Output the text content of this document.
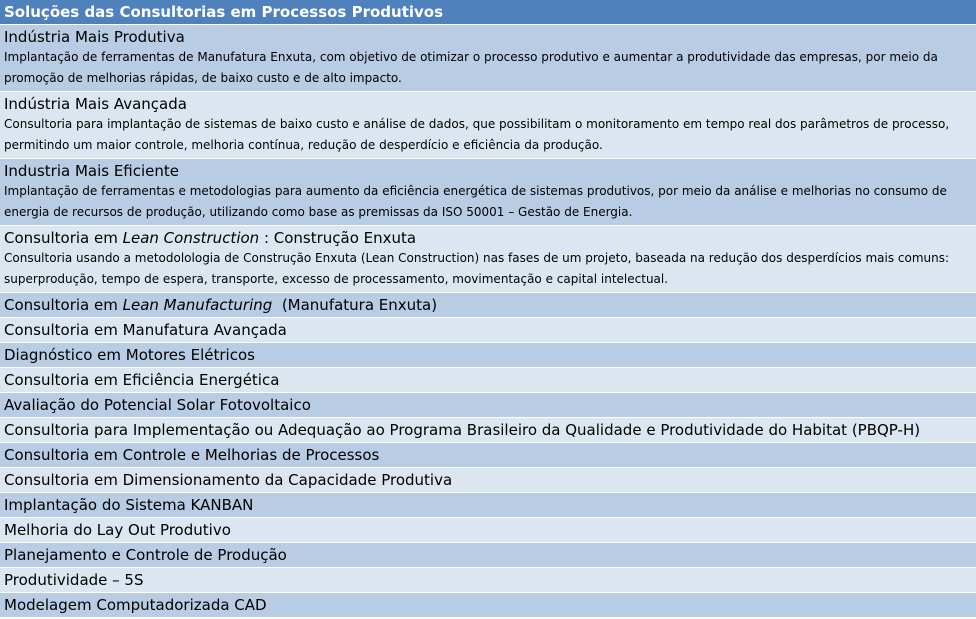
Soluções das Consultorias em Processos Produtivos
Indústria Mais Produtiva
Implantação de ferramentas de Manufatura Enxuta, com objetivo de otimizar o processo produtivo e aumentar a produtividade das empresas, por meio da promoção de melhorias rápidas, de baixo custo e de alto impacto.
Indústria Mais Avançada
Consultoria para implantação de sistemas de baixo custo e análise de dados, que possibilitam o monitoramento em tempo real dos parâmetros de processo, permitindo um maior controle, melhoria contínua, redução de desperdício e eficiência da produção.
Industria Mais Eficiente
Implantação de ferramentas e metodologias para aumento da eficiência energética de sistemas produtivos, por meio da análise e melhorias no consumo de energia de recursos de produção, utilizando como base as premissas da ISO 50001 – Gestão de Energia.
Consultoria em Lean Construction : Construção Enxuta
Consultoria usando a metodolologia de Construção Enxuta (Lean Construction) nas fases de um projeto, baseada na redução dos desperdícios mais comuns: superprodução, tempo de espera, transporte, excesso de processamento, movimentação e capital intelectual.
Consultoria em Lean Manufacturing  (Manufatura Enxuta)
Consultoria em Manufatura Avançada
Diagnóstico em Motores Elétricos
Consultoria em Eficiência Energética
Avaliação do Potencial Solar Fotovoltaico
Consultoria para Implementação ou Adequação ao Programa Brasileiro da Qualidade e Produtividade do Habitat (PBQP-H)
Consultoria em Controle e Melhorias de Processos
Consultoria em Dimensionamento da Capacidade Produtiva
Implantação do Sistema KANBAN
Melhoria do Lay Out Produtivo
Planejamento e Controle de Produção
Produtividade – 5S
Modelagem Computadorizada CAD
